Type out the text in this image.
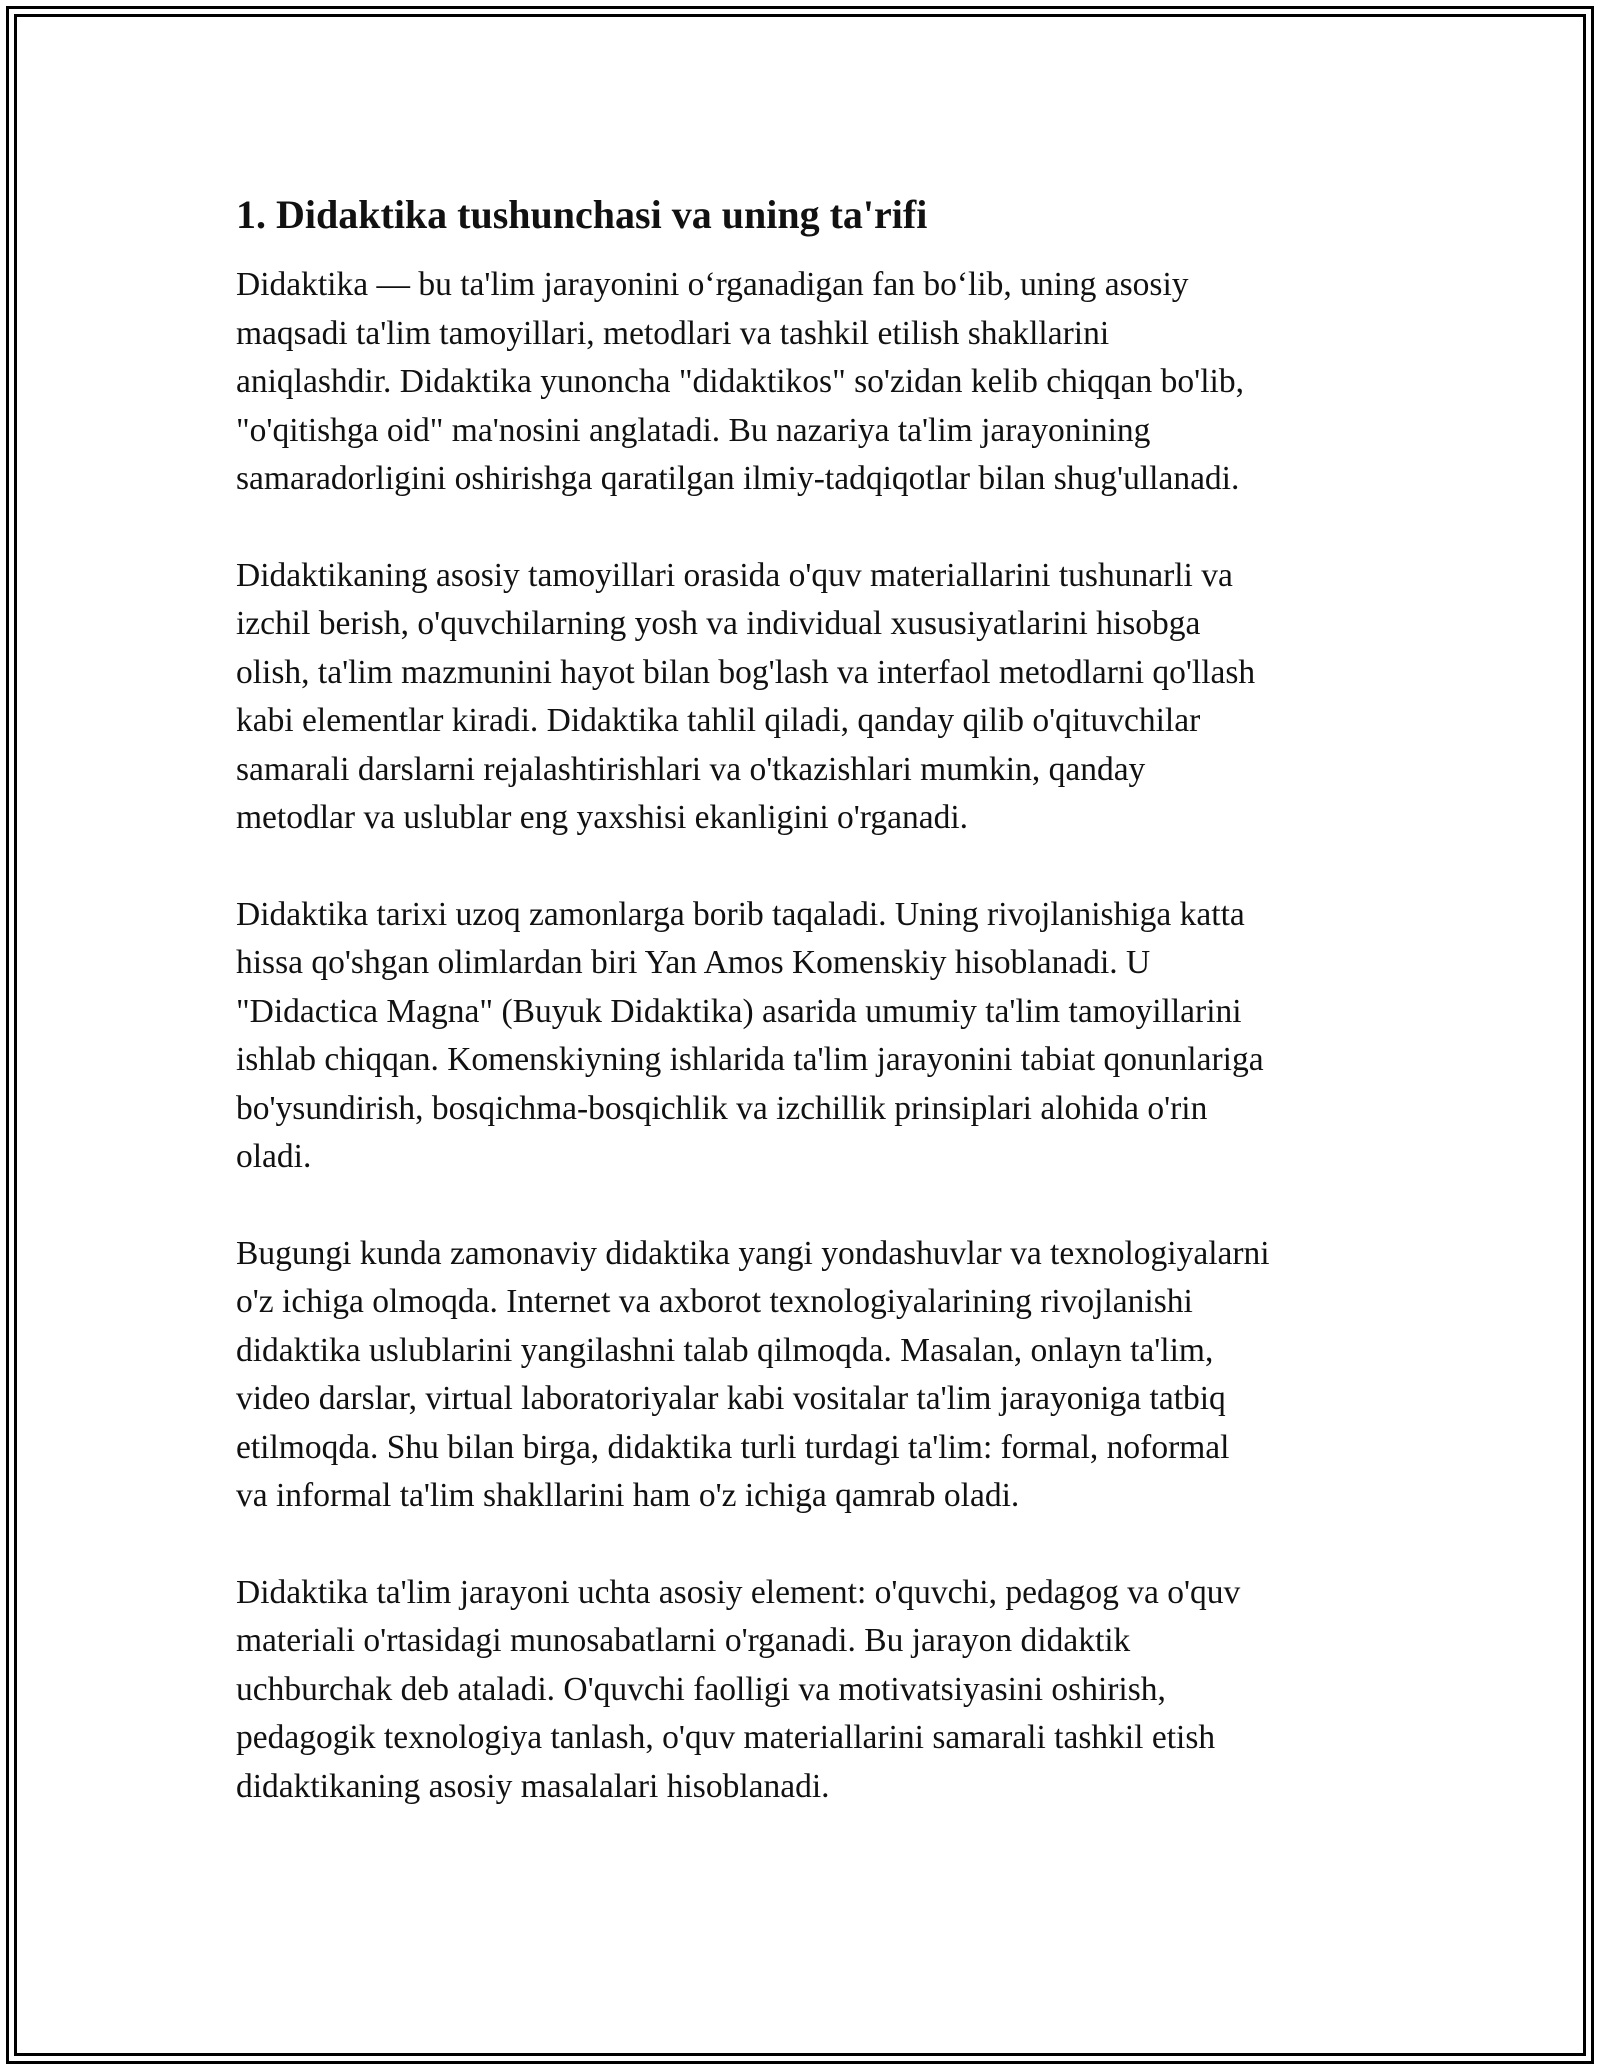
1. Didaktika tushunchasi va uning ta'rifi

Didaktika — bu ta'lim jarayonini oʻrganadigan fan boʻlib, uning asosiy
maqsadi ta'lim tamoyillari, metodlari va tashkil etilish shakllarini
aniqlashdir. Didaktika yunoncha "didaktikos" so'zidan kelib chiqqan bo'lib,
"o'qitishga oid" ma'nosini anglatadi. Bu nazariya ta'lim jarayonining
samaradorligini oshirishga qaratilgan ilmiy-tadqiqotlar bilan shug'ullanadi.

Didaktikaning asosiy tamoyillari orasida o'quv materiallarini tushunarli va
izchil berish, o'quvchilarning yosh va individual xususiyatlarini hisobga
olish, ta'lim mazmunini hayot bilan bog'lash va interfaol metodlarni qo'llash
kabi elementlar kiradi. Didaktika tahlil qiladi, qanday qilib o'qituvchilar
samarali darslarni rejalashtirishlari va o'tkazishlari mumkin, qanday
metodlar va uslublar eng yaxshisi ekanligini o'rganadi.

Didaktika tarixi uzoq zamonlarga borib taqaladi. Uning rivojlanishiga katta
hissa qo'shgan olimlardan biri Yan Amos Komenskiy hisoblanadi. U
"Didactica Magna" (Buyuk Didaktika) asarida umumiy ta'lim tamoyillarini
ishlab chiqqan. Komenskiyning ishlarida ta'lim jarayonini tabiat qonunlariga
bo'ysundirish, bosqichma-bosqichlik va izchillik prinsiplari alohida o'rin
oladi.

Bugungi kunda zamonaviy didaktika yangi yondashuvlar va texnologiyalarni
o'z ichiga olmoqda. Internet va axborot texnologiyalarining rivojlanishi
didaktika uslublarini yangilashni talab qilmoqda. Masalan, onlayn ta'lim,
video darslar, virtual laboratoriyalar kabi vositalar ta'lim jarayoniga tatbiq
etilmoqda. Shu bilan birga, didaktika turli turdagi ta'lim: formal, noformal
va informal ta'lim shakllarini ham o'z ichiga qamrab oladi.

Didaktika ta'lim jarayoni uchta asosiy element: o'quvchi, pedagog va o'quv
materiali o'rtasidagi munosabatlarni o'rganadi. Bu jarayon didaktik
uchburchak deb ataladi. O'quvchi faolligi va motivatsiyasini oshirish,
pedagogik texnologiya tanlash, o'quv materiallarini samarali tashkil etish
didaktikaning asosiy masalalari hisoblanadi.
